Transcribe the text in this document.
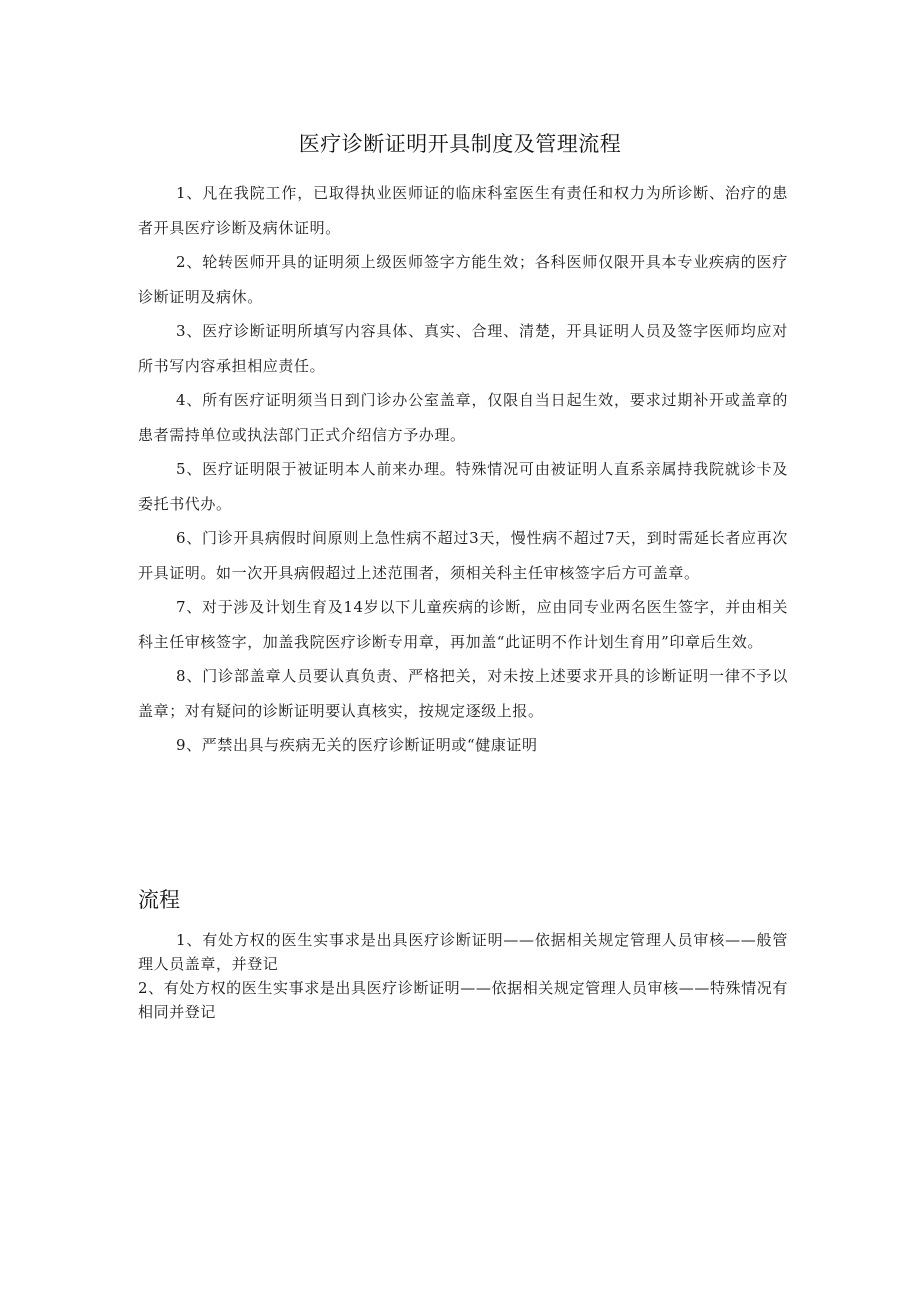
医疗诊断证明开具制度及管理流程

1、凡在我院工作，已取得执业医师证的临床科室医生有责任和权力为所诊断、治疗的患者开具医疗诊断及病休证明。

2、轮转医师开具的证明须上级医师签字方能生效；各科医师仅限开具本专业疾病的医疗诊断证明及病休。

3、医疗诊断证明所填写内容具体、真实、合理、清楚，开具证明人员及签字医师均应对所书写内容承担相应责任。

4、所有医疗证明须当日到门诊办公室盖章，仅限自当日起生效，要求过期补开或盖章的患者需持单位或执法部门正式介绍信方予办理。

5、医疗证明限于被证明本人前来办理。特殊情况可由被证明人直系亲属持我院就诊卡及委托书代办。

6、门诊开具病假时间原则上急性病不超过3天，慢性病不超过7天，到时需延长者应再次开具证明。如一次开具病假超过上述范围者，须相关科主任审核签字后方可盖章。

7、对于涉及计划生育及14岁以下儿童疾病的诊断，应由同专业两名医生签字，并由相关科主任审核签字，加盖我院医疗诊断专用章，再加盖“此证明不作计划生育用”印章后生效。

8、门诊部盖章人员要认真负责、严格把关，对未按上述要求开具的诊断证明一律不予以盖章；对有疑问的诊断证明要认真核实，按规定逐级上报。

9、严禁出具与疾病无关的医疗诊断证明或“健康证明

流程

1、有处方权的医生实事求是出具医疗诊断证明——依据相关规定管理人员审核——般管理人员盖章，并登记

2、有处方权的医生实事求是出具医疗诊断证明——依据相关规定管理人员审核——特殊情况有相同并登记
